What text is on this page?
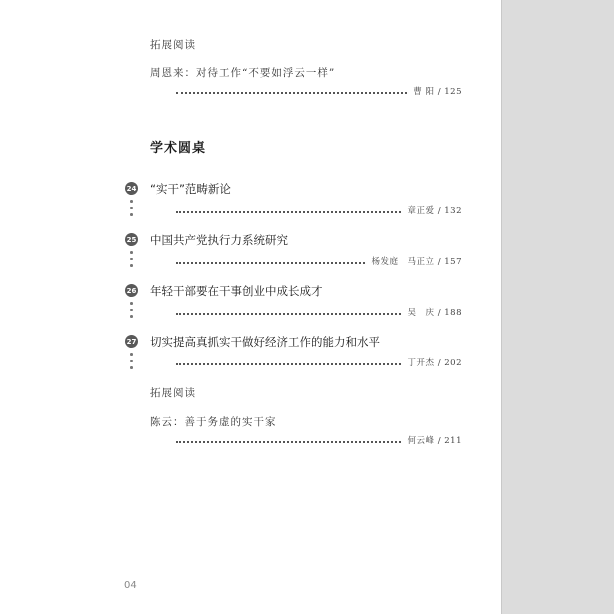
拓展阅读
周恩来：对待工作“不要如浮云一样”
曹 阳 / 125
学术圆桌
24 “实干”范畴新论
章正爱 / 132
25 中国共产党执行力系统研究
杨发庭　马正立 / 157
26 年轻干部要在干事创业中成长成才
吴　庆 / 188
27 切实提高真抓实干做好经济工作的能力和水平
丁开杰 / 202
拓展阅读
陈云：善于务虚的实干家
何云峰 / 211
04
